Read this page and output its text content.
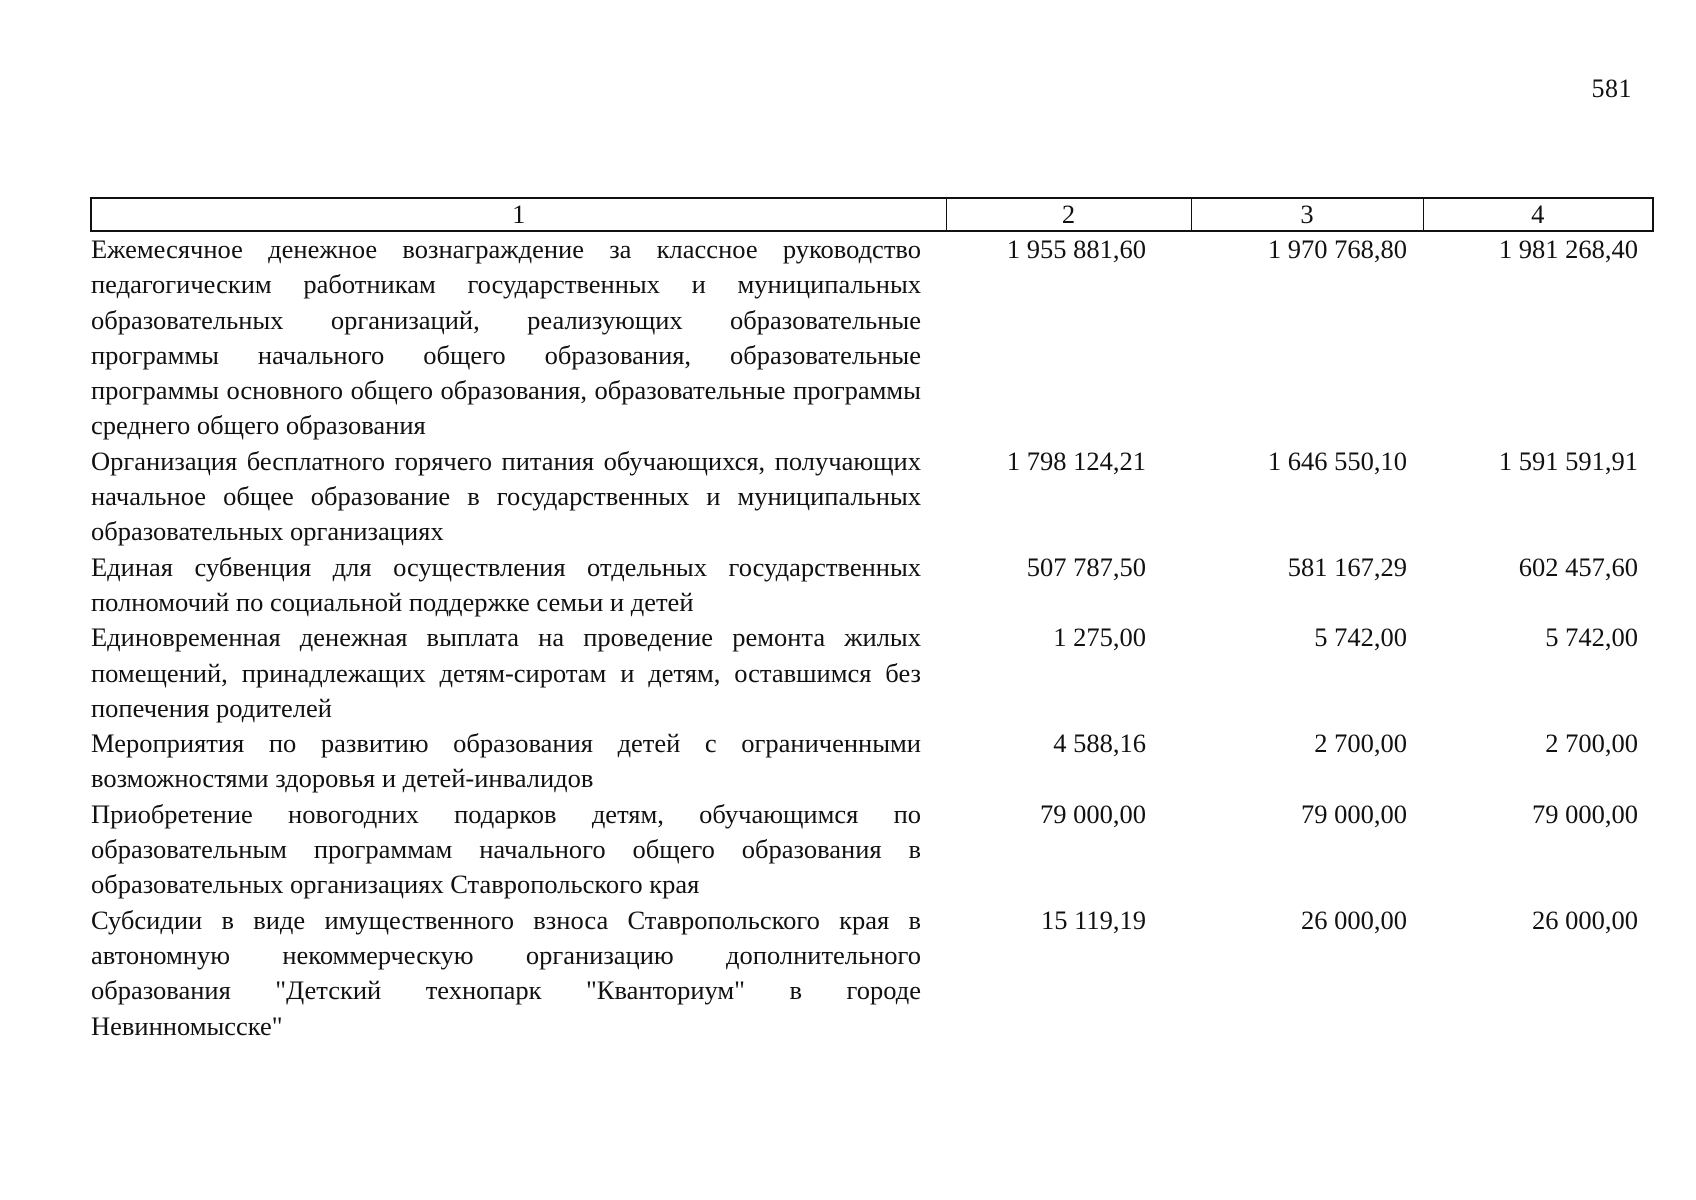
581
1	2	3	4
Ежемесячное денежное вознаграждение за классное руководство педагогическим работникам государственных и муниципальных образовательных организаций, реализующих образовательные программы начального общего образования, образовательные программы основного общего образования, образовательные программы среднего общего образования	1 955 881,60	1 970 768,80	1 981 268,40
Организация бесплатного горячего питания обучающихся, получающих начальное общее образование в государственных и муниципальных образовательных организациях	1 798 124,21	1 646 550,10	1 591 591,91
Единая субвенция для осуществления отдельных государственных полномочий по социальной поддержке семьи и детей	507 787,50	581 167,29	602 457,60
Единовременная денежная выплата на проведение ремонта жилых помещений, принадлежащих детям-сиротам и детям, оставшимся без попечения родителей	1 275,00	5 742,00	5 742,00
Мероприятия по развитию образования детей с ограниченными возможностями здоровья и детей-инвалидов	4 588,16	2 700,00	2 700,00
Приобретение новогодних подарков детям, обучающимся по образовательным программам начального общего образования в образовательных организациях Ставропольского края	79 000,00	79 000,00	79 000,00
Субсидии в виде имущественного взноса Ставропольского края в автономную некоммерческую организацию дополнительного образования "Детский технопарк "Кванториум" в городе Невинномысске"	15 119,19	26 000,00	26 000,00
